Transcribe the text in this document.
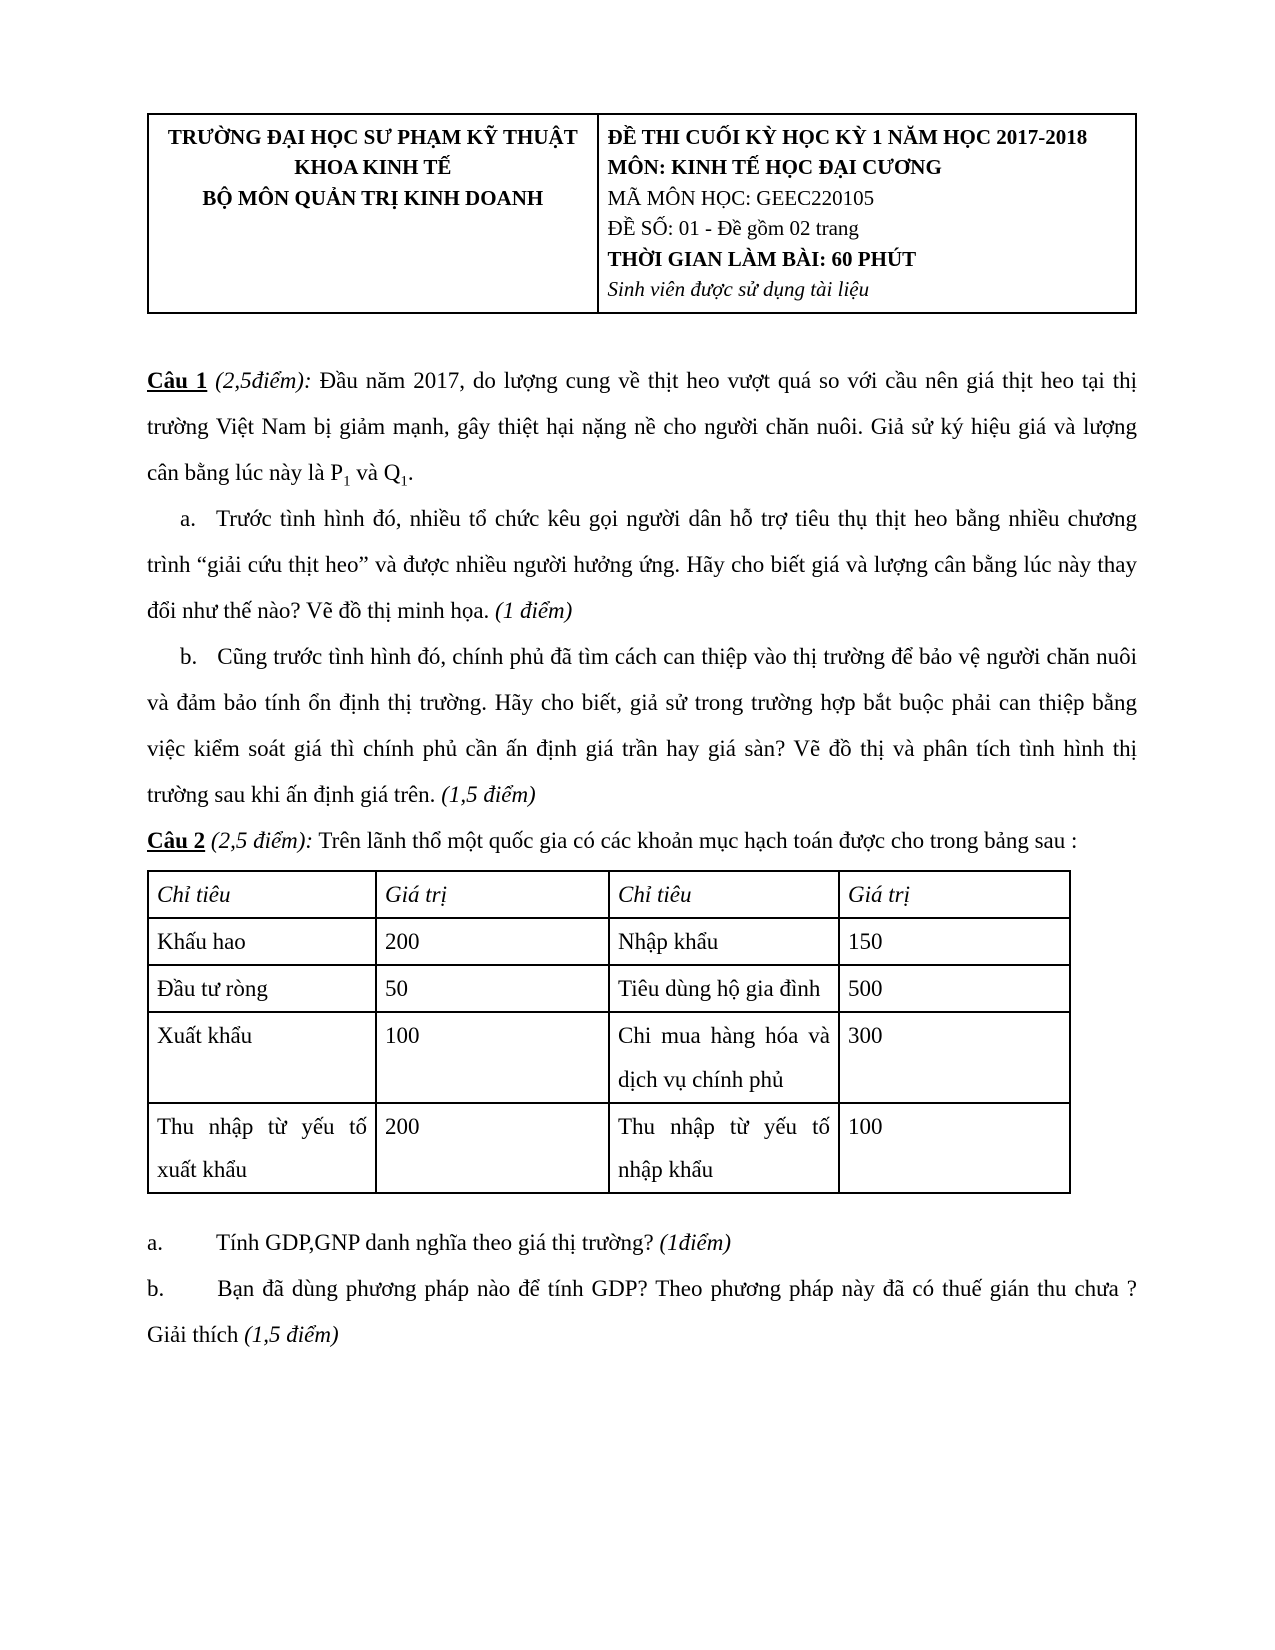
TRƯỜNG ĐẠI HỌC SƯ PHẠM KỸ THUẬT
KHOA KINH TẾ
BỘ MÔN QUẢN TRỊ KINH DOANH

ĐỀ THI CUỐI KỲ HỌC KỲ 1 NĂM HỌC 2017-2018
MÔN: KINH TẾ HỌC ĐẠI CƯƠNG
MÃ MÔN HỌC: GEEC220105
ĐỀ SỐ: 01 - Đề gồm 02 trang
THỜI GIAN LÀM BÀI: 60 PHÚT
Sinh viên được sử dụng tài liệu

Câu 1 (2,5điểm): Đầu năm 2017, do lượng cung về thịt heo vượt quá so với cầu nên giá thịt heo tại thị trường Việt Nam bị giảm mạnh, gây thiệt hại nặng nề cho người chăn nuôi. Giả sử ký hiệu giá và lượng cân bằng lúc này là $P_1$ và $Q_1$.

a. Trước tình hình đó, nhiều tổ chức kêu gọi người dân hỗ trợ tiêu thụ thịt heo bằng nhiều chương trình “giải cứu thịt heo” và được nhiều người hưởng ứng. Hãy cho biết giá và lượng cân bằng lúc này thay đổi như thế nào? Vẽ đồ thị minh họa. (1 điểm)

b. Cũng trước tình hình đó, chính phủ đã tìm cách can thiệp vào thị trường để bảo vệ người chăn nuôi và đảm bảo tính ổn định thị trường. Hãy cho biết, giả sử trong trường hợp bắt buộc phải can thiệp bằng việc kiểm soát giá thì chính phủ cần ấn định giá trần hay giá sàn? Vẽ đồ thị và phân tích tình hình thị trường sau khi ấn định giá trên. (1,5 điểm)

Câu 2 (2,5 điểm): Trên lãnh thổ một quốc gia có các khoản mục hạch toán được cho trong bảng sau :

Chỉ tiêu	Giá trị	Chỉ tiêu	Giá trị
Khấu hao	200	Nhập khẩu	150
Đầu tư ròng	50	Tiêu dùng hộ gia đình	500
Xuất khẩu	100	Chi mua hàng hóa và dịch vụ chính phủ	300
Thu nhập từ yếu tố xuất khẩu	200	Thu nhập từ yếu tố nhập khẩu	100

a. Tính GDP,GNP danh nghĩa theo giá thị trường? (1điểm)

b. Bạn đã dùng phương pháp nào để tính GDP? Theo phương pháp này đã có thuế gián thu chưa ? Giải thích (1,5 điểm)
